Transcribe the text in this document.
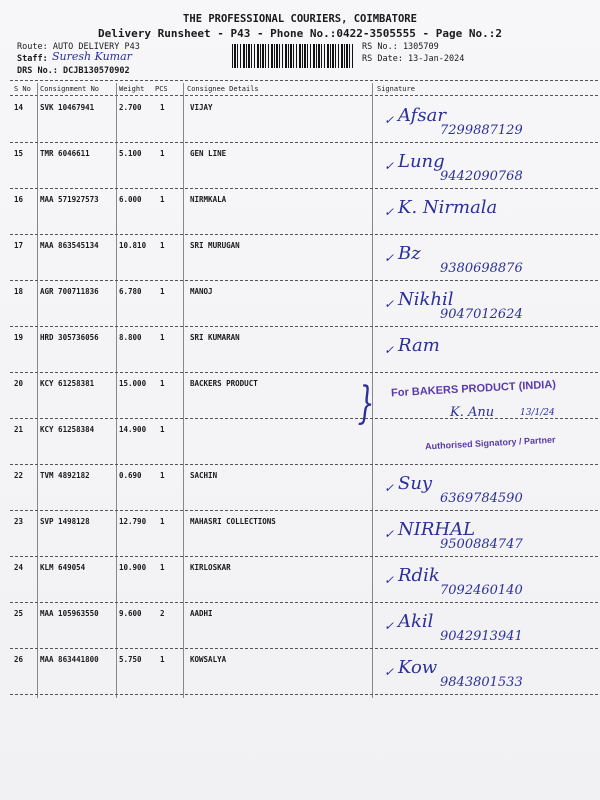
THE PROFESSIONAL COURIERS, COIMBATORE
Delivery Runsheet - P43 - Phone No.:0422-3505555 - Page No.:2
Route: AUTO DELIVERY P43
Staff: Suresh Kumar
DRS No.: DCJB130570902
RS No.: 1305709
RS Date: 13-Jan-2024
S No Consignment No	Weight PCS	Consignee Details	Signature
14 SVK 10467941	2.700 1	VIJAY	Afsar
✓
7299887129
15 TMR 6046611	5.100 1	GEN LINE	Lung
✓
9442090768
16 MAA 571927573	6.000 1	NIRMKALA	K. Nirmala
✓
17 MAA 863545134	10.810 1	SRI MURUGAN	Bz
✓
9380698876
18 AGR 700711836	6.780 1	MANOJ	Nikhil
✓
9047012624
19 HRD 305736056	8.800 1	SRI KUMARAN	Ram
✓
20 KCY 61258381	15.000 1	BACKERS PRODUCT
21 KCY 61258384	14.900 1
22 TVM 4892182	0.690 1	SACHIN	Suy
✓
6369784590
23 SVP 1498128	12.790 1	MAHASRI COLLECTIONS	NIRHAL
✓
9500884747
24 KLM 649054	10.900 1	KIRLOSKAR	Rdik
✓
7092460140
25 MAA 105963550	9.600 2	AADHI	Akil
✓
9042913941
26 MAA 863441800	5.750 1	KOWSALYA	Kow
✓
9843801533
For BAKERS PRODUCT (INDIA)
Authorised Signatory / Partner
K. Anu	13/1/24
}
